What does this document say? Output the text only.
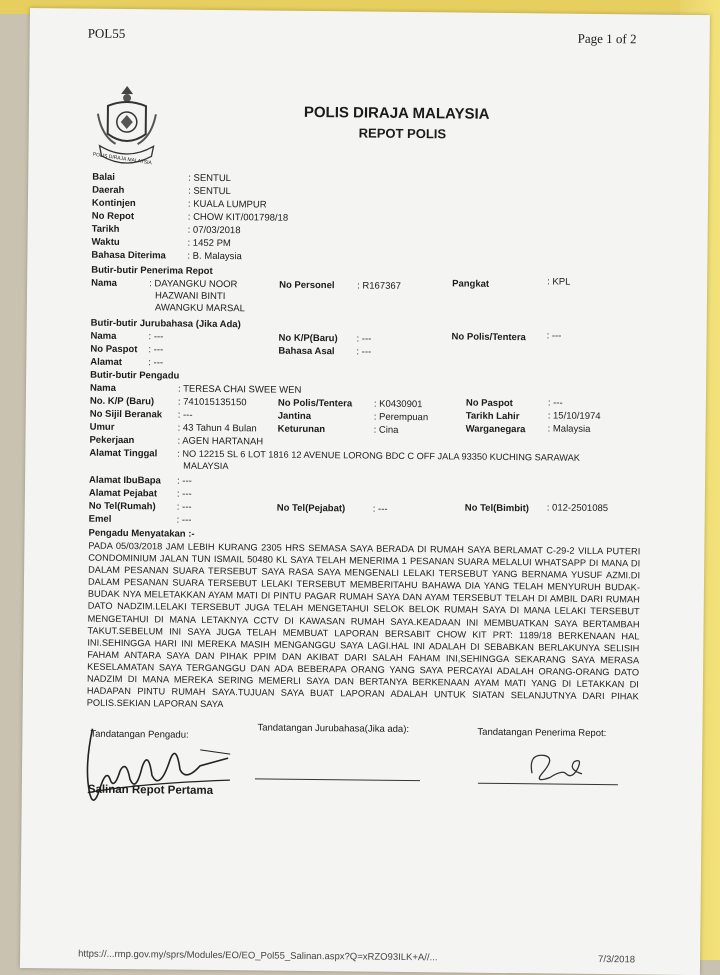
POL55	Page 1 of 2
POLIS DIRAJA MALAYSIA
POLIS DIRAJA MALAYSIA
REPOT POLIS
Balai	: SENTUL
Daerah	: SENTUL
Kontinjen	: KUALA LUMPUR
No Repot	: CHOW KIT/001798/18
Tarikh	: 07/03/2018
Waktu	: 1452 PM
Bahasa Diterima : B. Malaysia
Butir-butir Penerima Repot
Nama	: DAYANGKU NOOR
HAZWANI BINTI
AWANGKU MARSAL
No Personel : R167367	Pangkat	: KPL
Butir-butir Jurubahasa (Jika Ada)
Nama	: ---	No K/P(Baru) : ---	No Polis/Tentera : ---
No Paspot : ---	Bahasa Asal : ---
Alamat	: ---
Butir-butir Pengadu
Nama	: TERESA CHAI SWEE WEN
No. K/P (Baru) : 741015135150	No Polis/Tentera : K0430901	No Paspot	: ---
No Sijil Beranak : ---	Jantina	: Perempuan	Tarikh Lahir	: 15/10/1974
Umur	: 43 Tahun 4 Bulan Keturunan	: Cina	Warganegara : Malaysia
Pekerjaan	: AGEN HARTANAH
Alamat Tinggal : NO 12215 SL 6 LOT 1816 12 AVENUE LORONG BDC C OFF JALA 93350 KUCHING SARAWAK
MALAYSIA
Alamat IbuBapa : ---
Alamat Pejabat : ---
No Tel(Rumah) : ---	No Tel(Pejabat)	: ---	No Tel(Bimbit) : 012-2501085
Emel	: ---
Pengadu Menyatakan :-
PADA 05/03/2018 JAM LEBIH KURANG 2305 HRS SEMASA SAYA BERADA DI RUMAH SAYA BERLAMAT C-29-2 VILLA PUTERI CONDOMINIUM JALAN TUN ISMAIL 50480 KL SAYA TELAH MENERIMA 1 PESANAN SUARA MELALUI WHATSAPP DI MANA DI DALAM PESANAN SUARA TERSEBUT SAYA RASA SAYA MENGENALI LELAKI TERSEBUT YANG BERNAMA YUSUF AZMI.DI DALAM PESANAN SUARA TERSEBUT LELAKI TERSEBUT MEMBERITAHU BAHAWA DIA YANG TELAH MENYURUH BUDAK-BUDAK NYA MELETAKKAN AYAM MATI DI PINTU PAGAR RUMAH SAYA DAN AYAM TERSEBUT TELAH DI AMBIL DARI RUMAH DATO NADZIM.LELAKI TERSEBUT JUGA TELAH MENGETAHUI SELOK BELOK RUMAH SAYA DI MANA LELAKI TERSEBUT MENGETAHUI DI MANA LETAKNYA CCTV DI KAWASAN RUMAH SAYA.KEADAAN INI MEMBUATKAN SAYA BERTAMBAH TAKUT.SEBELUM INI SAYA JUGA TELAH MEMBUAT LAPORAN BERSABIT CHOW KIT PRT: 1189/18 BERKENAAN HAL INI.SEHINGGA HARI INI MEREKA MASIH MENGANGGU SAYA LAGI.HAL INI ADALAH DI SEBABKAN BERLAKUNYA SELISIH FAHAM ANTARA SAYA DAN PIHAK PPIM DAN AKIBAT DARI SALAH FAHAM INI,SEHINGGA SEKARANG SAYA MERASA KESELAMATAN SAYA TERGANGGU DAN ADA BEBERAPA ORANG YANG SAYA PERCAYAI ADALAH ORANG-ORANG DATO NADZIM DI MANA MEREKA SERING MEMERLI SAYA DAN BERTANYA BERKENAAN AYAM MATI YANG DI LETAKKAN DI HADAPAN PINTU RUMAH SAYA.TUJUAN SAYA BUAT LAPORAN ADALAH UNTUK SIATAN SELANJUTNYA DARI PIHAK POLIS.SEKIAN LAPORAN SAYA
Tandatangan Pengadu:	Tandatangan Jurubahasa(Jika ada):	Tandatangan Penerima Repot:
Salinan Repot Pertama
https://...rmp.gov.my/sprs/Modules/EO/EO_Pol55_Salinan.aspx?Q=xRZO93ILK+A//...	7/3/2018
